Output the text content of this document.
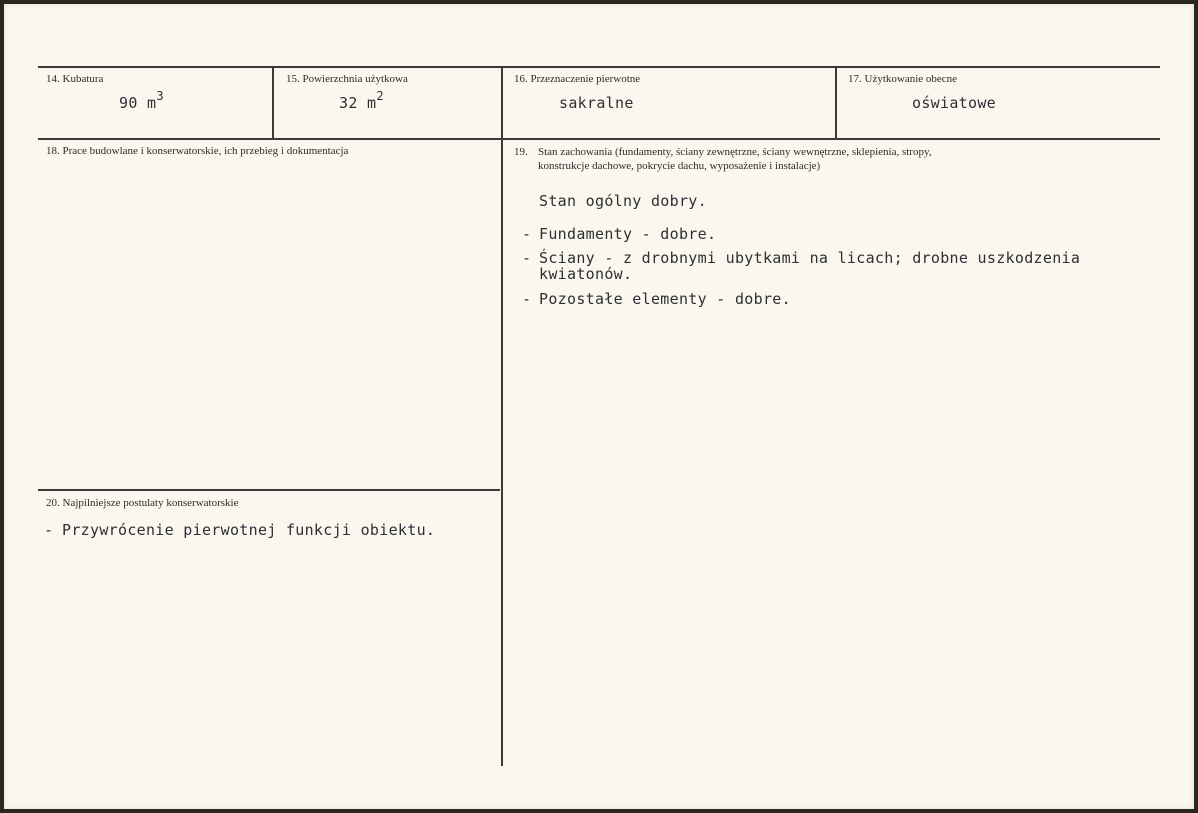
14. Kubatura
90 $m^3$
15. Powierzchnia użytkowa
32 $m^2$
16. Przeznaczenie pierwotne
sakralne
17. Użytkowanie obecne
oświatowe
18. Prace budowlane i konserwatorskie, ich przebieg i dokumentacja	19. Stan zachowania (fundamenty, ściany zewnętrzne, ściany wewnętrzne, sklepienia, stropy,
konstrukcje dachowe, pokrycie dachu, wyposażenie i instalacje)
Stan ogólny dobry.
- Fundamenty - dobre.
- Ściany - z drobnymi ubytkami na licach; drobne uszkodzenia
kwiatonów.
- Pozostałe elementy - dobre.
20. Najpilniejsze postulaty konserwatorskie
- Przywrócenie pierwotnej funkcji obiektu.
